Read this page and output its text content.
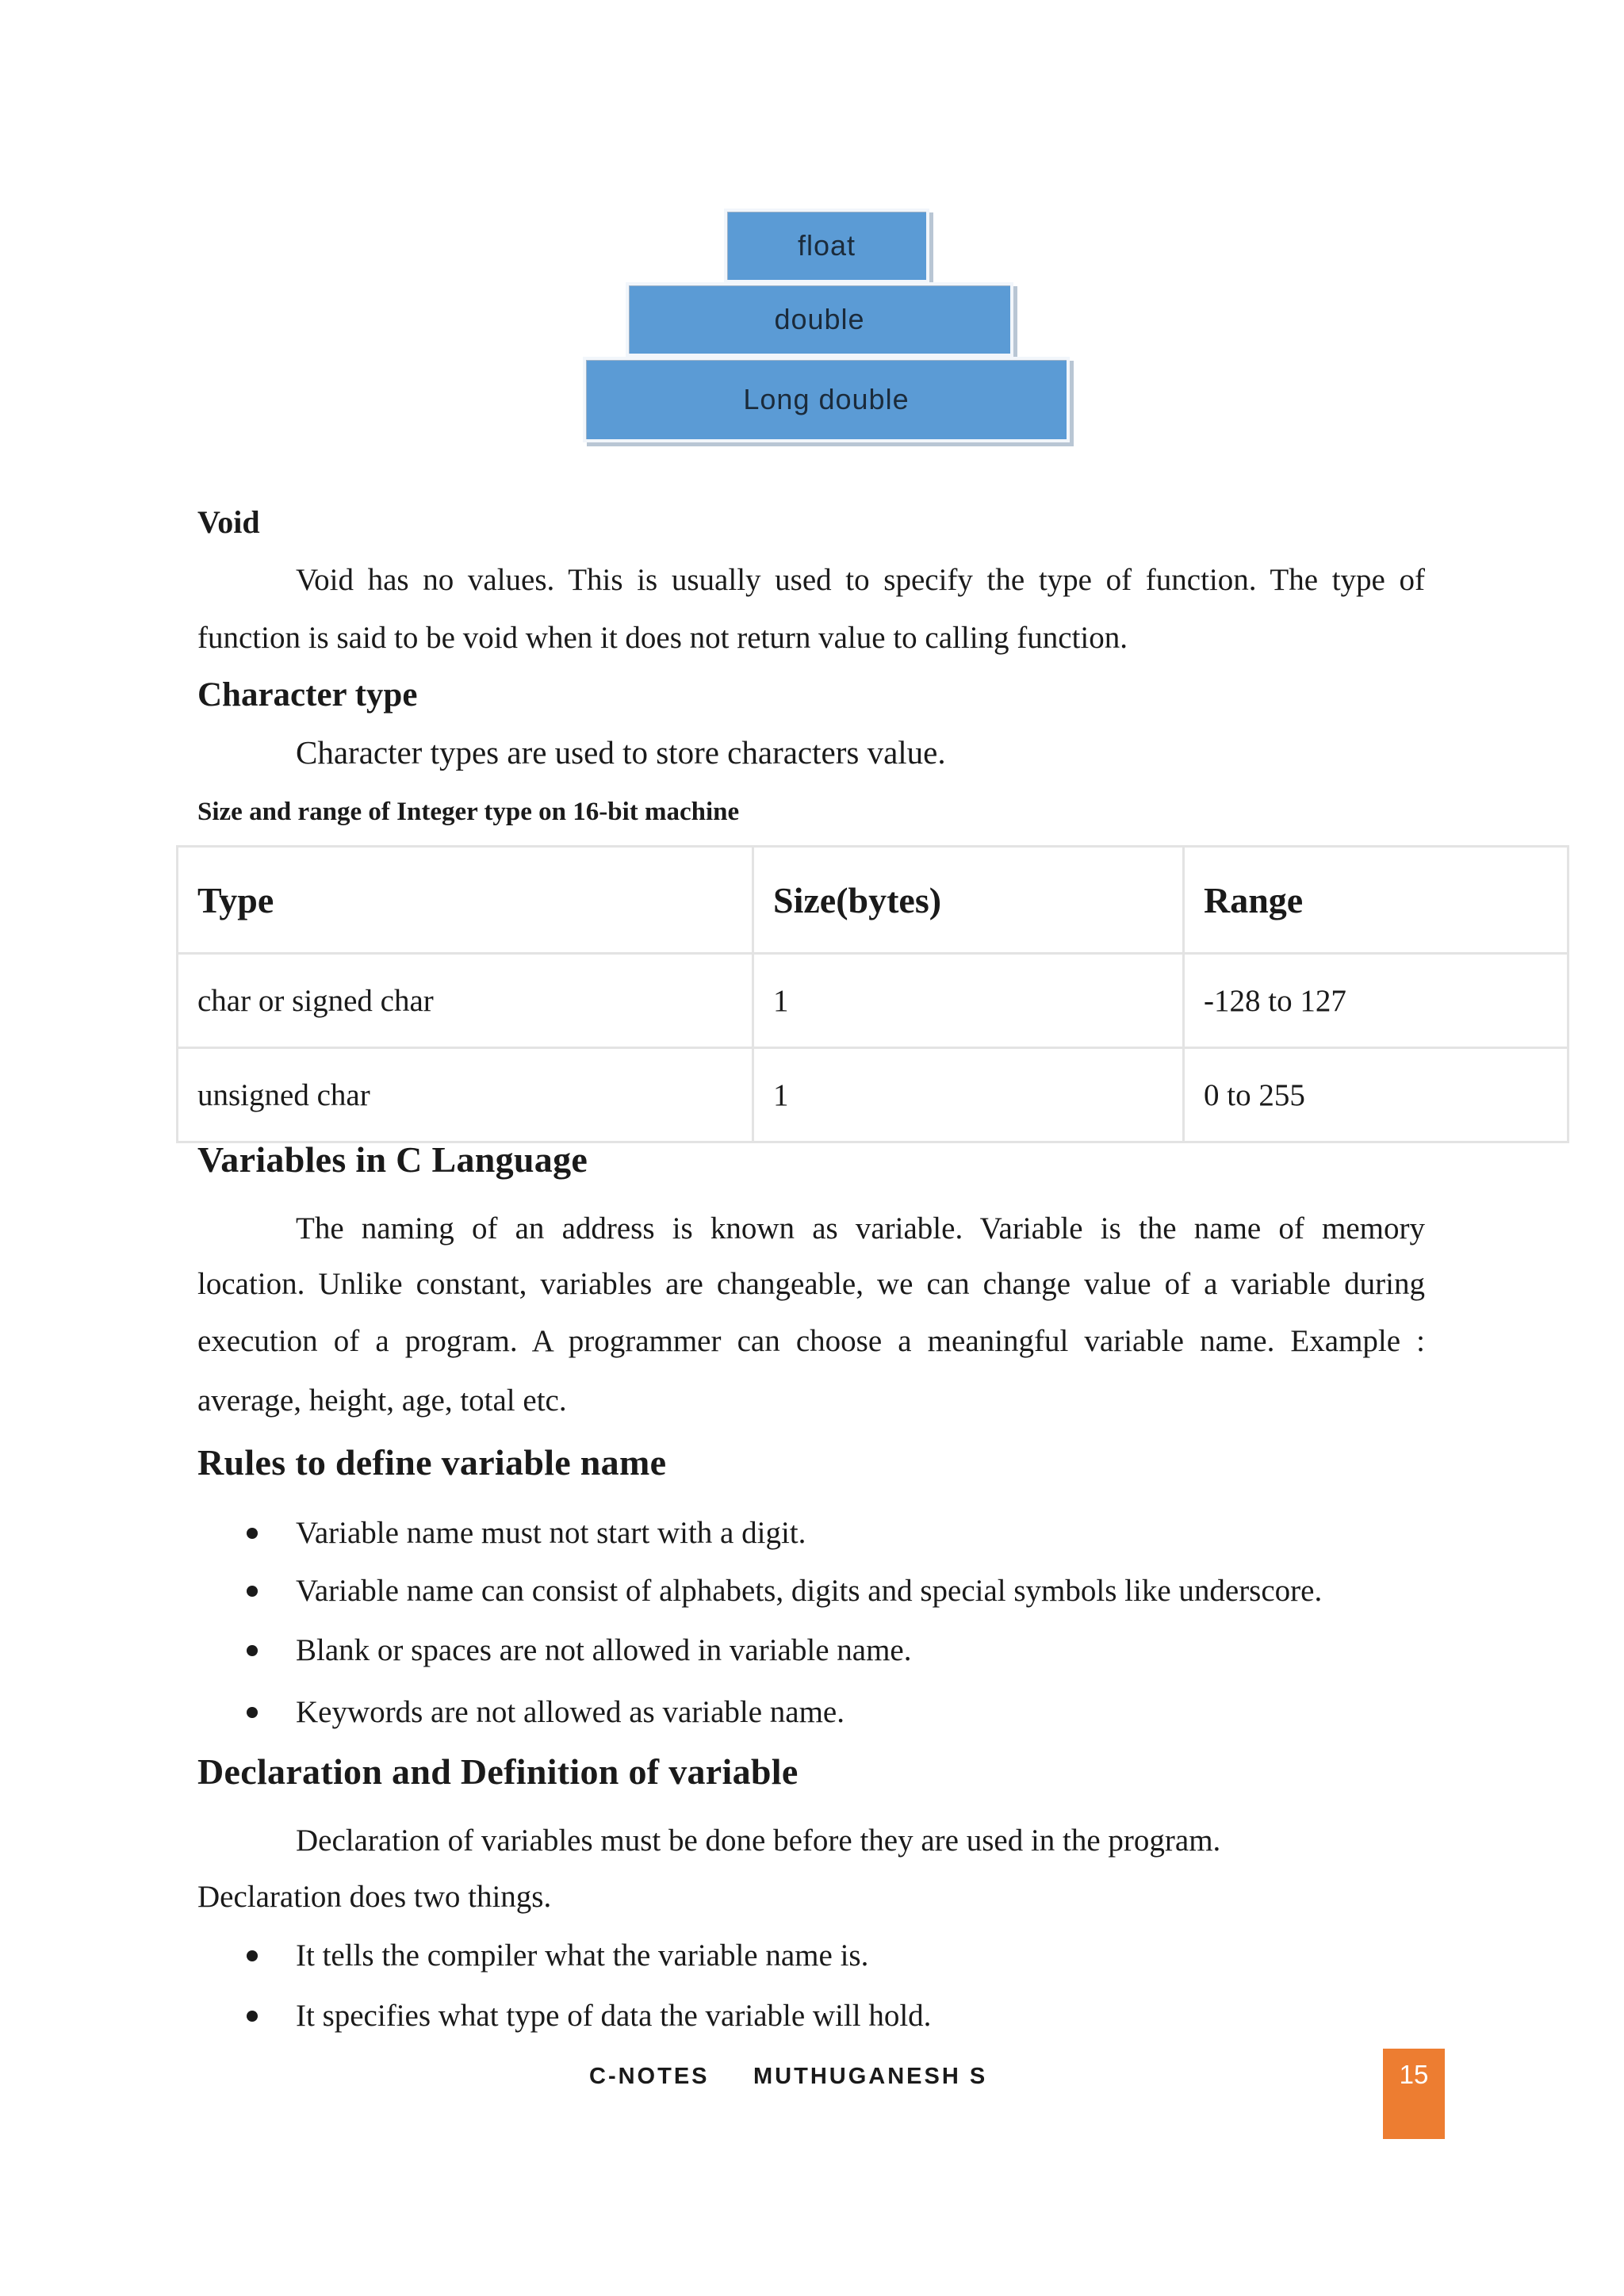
float
double
Long double
Void
Void has no values. This is usually used to specify the type of function. The type of
function is said to be void when it does not return value to calling function.
Character type
Character types are used to store characters value.
Size and range of Integer type on 16-bit machine
Type	Size(bytes)	Range
char or signed char	1	-128 to 127
unsigned char	1	0 to 255
Variables in C Language
The naming of an address is known as variable. Variable is the name of memory
location. Unlike constant, variables are changeable, we can change value of a variable during
execution of a program. A programmer can choose a meaningful variable name. Example :
average, height, age, total etc.
Rules to define variable name
Variable name must not start with a digit.
Variable name can consist of alphabets, digits and special symbols like underscore.
Blank or spaces are not allowed in variable name.
Keywords are not allowed as variable name.
Declaration and Definition of variable
Declaration of variables must be done before they are used in the program.
Declaration does two things.
It tells the compiler what the variable name is.
It specifies what type of data the variable will hold.
C-NOTES MUTHUGANESH S	15
